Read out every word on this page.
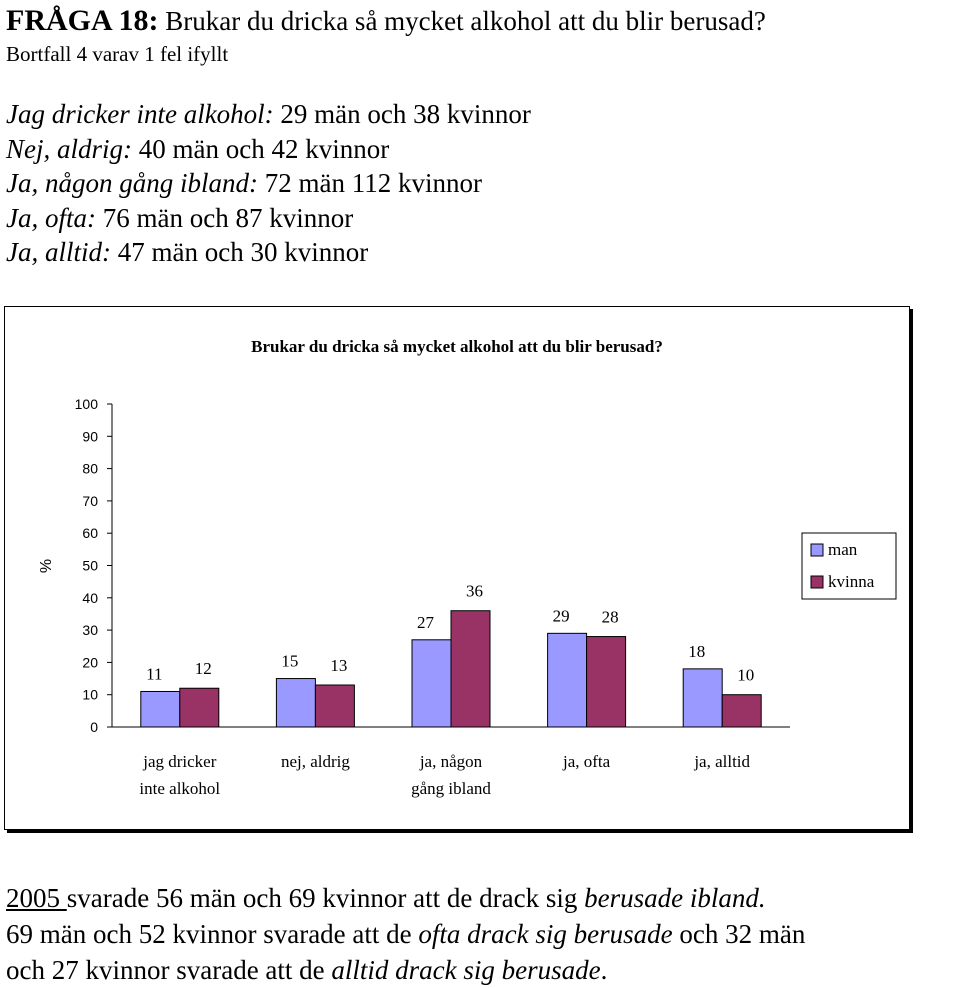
FRÅGA 18: Brukar du dricka så mycket alkohol att du blir berusad?
Bortfall 4 varav 1 fel ifyllt
Jag dricker inte alkohol: 29 män och 38 kvinnor
Nej, aldrig: 40 män och 42 kvinnor
Ja, någon gång ibland: 72 män 112 kvinnor
Ja, ofta: 76 män och 87 kvinnor
Ja, alltid: 47 män och 30 kvinnor
Brukar du dricka så mycket alkohol att du blir berusad?
0
10
20
30
40
50
60
70
80
90
100
%
11 12
jag dricker
inte alkohol
15 13
nej, aldrig
27
36
ja, någon
gång ibland
29 28
ja, ofta
18
10
ja, alltid
man
kvinna
2005 svarade 56 män och 69 kvinnor att de drack sig berusade ibland.
69 män och 52 kvinnor svarade att de ofta drack sig berusade och 32 män
och 27 kvinnor svarade att de alltid drack sig berusade.
